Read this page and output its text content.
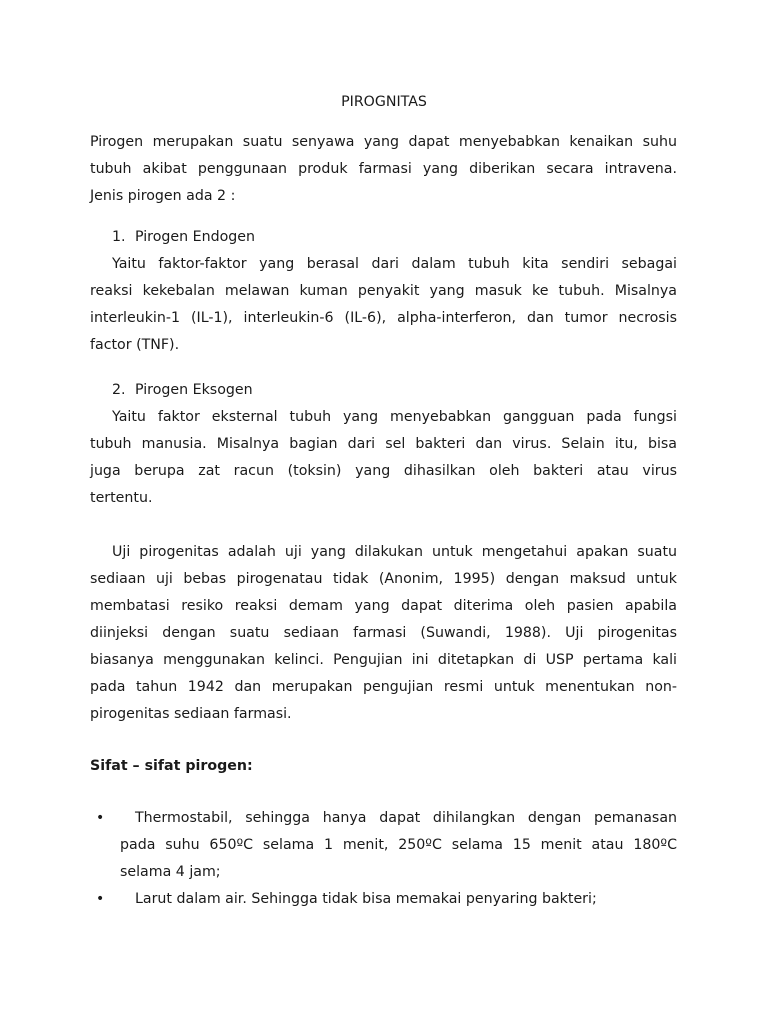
PIROGNITAS
Pirogen merupakan suatu senyawa yang dapat menyebabkan kenaikan suhu
tubuh akibat penggunaan produk farmasi yang diberikan secara intravena.
Jenis pirogen ada 2 :
1. Pirogen Endogen
Yaitu faktor-faktor yang berasal dari dalam tubuh kita sendiri sebagai
reaksi kekebalan melawan kuman penyakit yang masuk ke tubuh. Misalnya
interleukin-1 (IL-1), interleukin-6 (IL-6), alpha-interferon, dan tumor necrosis
factor (TNF).
2. Pirogen Eksogen
Yaitu faktor eksternal tubuh yang menyebabkan gangguan pada fungsi
tubuh manusia. Misalnya bagian dari sel bakteri dan virus. Selain itu, bisa
juga berupa zat racun (toksin) yang dihasilkan oleh bakteri atau virus
tertentu.
Uji pirogenitas adalah uji yang dilakukan untuk mengetahui apakan suatu
sediaan uji bebas pirogenatau tidak (Anonim, 1995) dengan maksud untuk
membatasi resiko reaksi demam yang dapat diterima oleh pasien apabila
diinjeksi dengan suatu sediaan farmasi (Suwandi, 1988). Uji pirogenitas
biasanya menggunakan kelinci. Pengujian ini ditetapkan di USP pertama kali
pada tahun 1942 dan merupakan pengujian resmi untuk menentukan non-
pirogenitas sediaan farmasi.
Sifat – sifat pirogen:
• Thermostabil, sehingga hanya dapat dihilangkan dengan pemanasan
pada suhu 650ºC selama 1 menit, 250ºC selama 15 menit atau 180ºC
selama 4 jam;
• Larut dalam air. Sehingga tidak bisa memakai penyaring bakteri;
